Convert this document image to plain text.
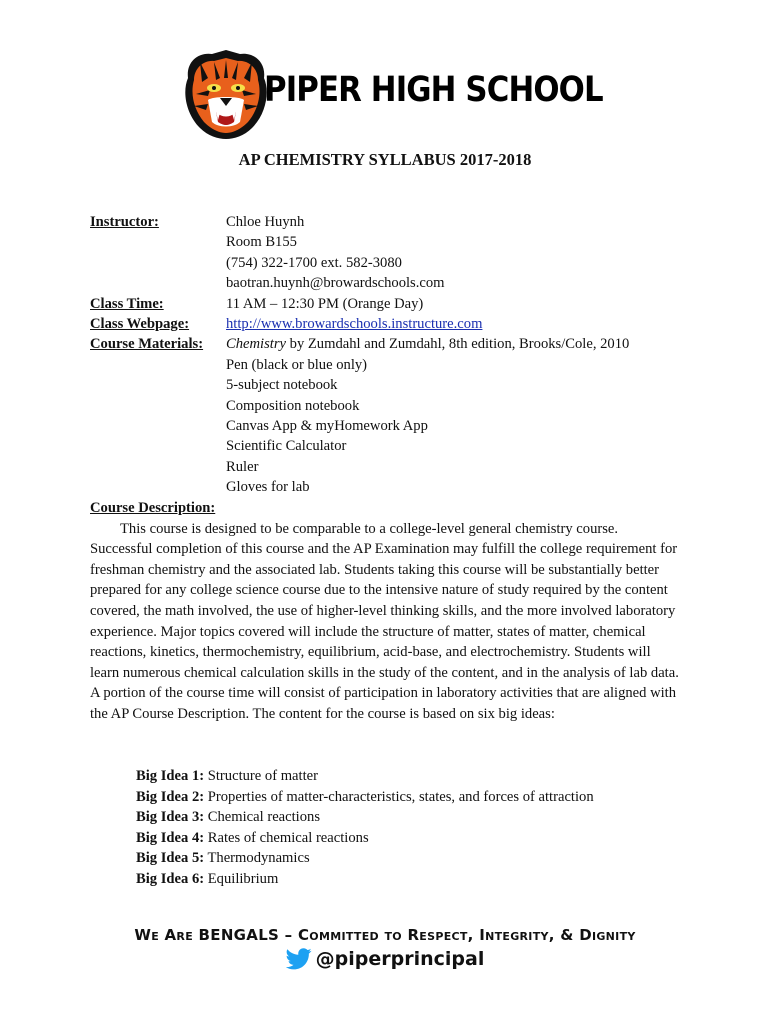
PIPER HIGH SCHOOL
AP CHEMISTRY SYLLABUS 2017-2018
Instructor:	Chloe Huynh
Room B155
(754) 322-1700 ext. 582-3080
baotran.huynh@browardschools.com
Class Time:	11 AM – 12:30 PM (Orange Day)
Class Webpage:	http://www.browardschools.instructure.com
Course Materials: Chemistry by Zumdahl and Zumdahl, 8th edition, Brooks/Cole, 2010
Pen (black or blue only)
5-subject notebook
Composition notebook
Canvas App & myHomework App
Scientific Calculator
Ruler
Gloves for lab
Course Description:

This course is designed to be comparable to a college-level general chemistry course. Successful completion of this course and the AP Examination may fulfill the college requirement for freshman chemistry and the associated lab. Students taking this course will be substantially better prepared for any college science course due to the intensive nature of study required by the content covered, the math involved, the use of higher-level thinking skills, and the more involved laboratory experience. Major topics covered will include the structure of matter, states of matter, chemical reactions, kinetics, thermochemistry, equilibrium, acid-base, and electrochemistry. Students will learn numerous chemical calculation skills in the study of the content, and in the analysis of lab data. A portion of the course time will consist of participation in laboratory activities that are aligned with the AP Course Description. The content for the course is based on six big ideas:

Big Idea 1: Structure of matter
Big Idea 2: Properties of matter-characteristics, states, and forces of attraction
Big Idea 3: Chemical reactions
Big Idea 4: Rates of chemical reactions
Big Idea 5: Thermodynamics
Big Idea 6: Equilibrium
We Are BENGALS – Committed to Respect, Integrity, & Dignity
@piperprincipal
